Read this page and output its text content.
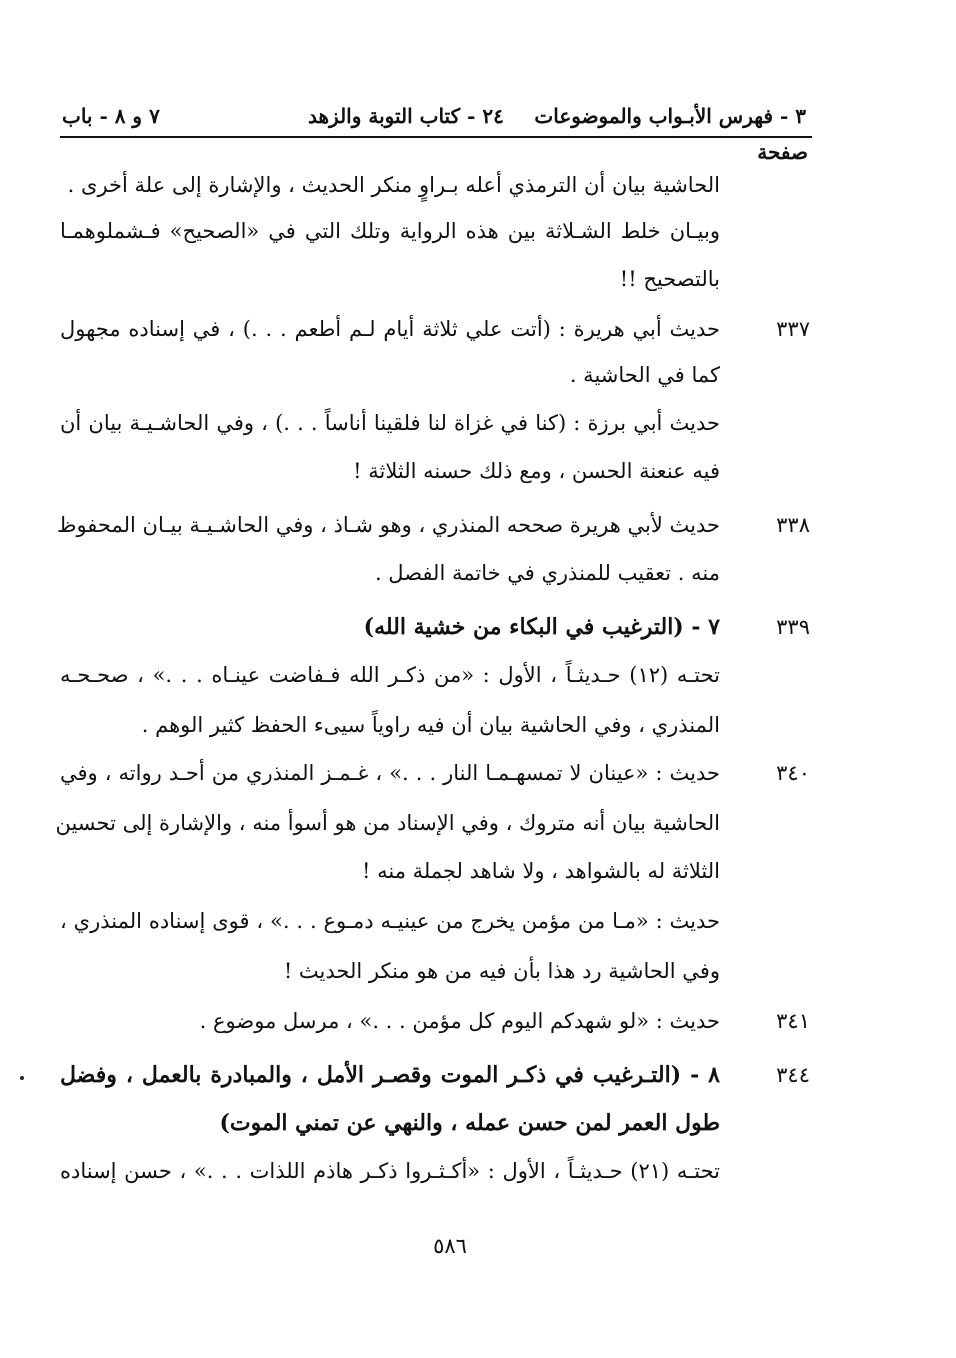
٣ - فهرس الأبـواب والموضوعات
٢٤ - كتاب التوبة والزهد
٧ و ٨ - باب
صفحة
الحاشية بيان أن الترمذي أعله بـراوٍ منكر الحديث ، والإشارة إلى علة أخرى .
وبيـان خلط الشـلاثة بين هذه الرواية وتلك التي في «الصحيح» فـشملوهمـا
بالتصحيح !!
٣٣٧
حديث أبي هريرة : (أتت علي ثلاثة أيام لـم أطعم . . .) ، في إسناده مجهول
كما في الحاشية .
حديث أبي برزة : (كنا في غزاة لنا فلقينا أناساً . . .) ، وفي الحاشـيـة بيان أن
فيه عنعنة الحسن ، ومع ذلك حسنه الثلاثة !
٣٣٨
حديث لأبي هريرة صححه المنذري ، وهو شـاذ ، وفي الحاشـيـة بيـان المحفوظ
منه . تعقيب للمنذري في خاتمة الفصل .
٣٣٩
٧ - (الترغيب في البكاء من خشية الله)
تحتـه (١٢) حـديثـاً ، الأول : «من ذكـر الله فـفاضت عينـاه . . .» ، صحـحـه
المنذري ، وفي الحاشية بيان أن فيه راوياً سيىء الحفظ كثير الوهم .
٣٤٠
حديث : «عينان لا تمسهـمـا النار . . .» ، غـمـز المنذري من أحـد رواته ، وفي
الحاشية بيان أنه متروك ، وفي الإسناد من هو أسوأ منه ، والإشارة إلى تحسين
الثلاثة له بالشواهد ، ولا شاهد لجملة منه !
حديث : «مـا من مؤمن يخرج من عينيـه دمـوع . . .» ، قوى إسناده المنذري ،
وفي الحاشية رد هذا بأن فيه من هو منكر الحديث !
٣٤١
حديث : «لو شهدكم اليوم كل مؤمن . . .» ، مرسل موضوع .
٣٤٤
٨ - (التـرغيب في ذكـر الموت وقصـر الأمل ، والمبادرة بالعمل ، وفضل
طول العمر لمن حسن عمله ، والنهي عن تمني الموت)
تحتـه (٢١) حـديثـاً ، الأول : «أكـثـروا ذكـر هاذم اللذات . . .» ، حسن إسناده
٥٨٦
